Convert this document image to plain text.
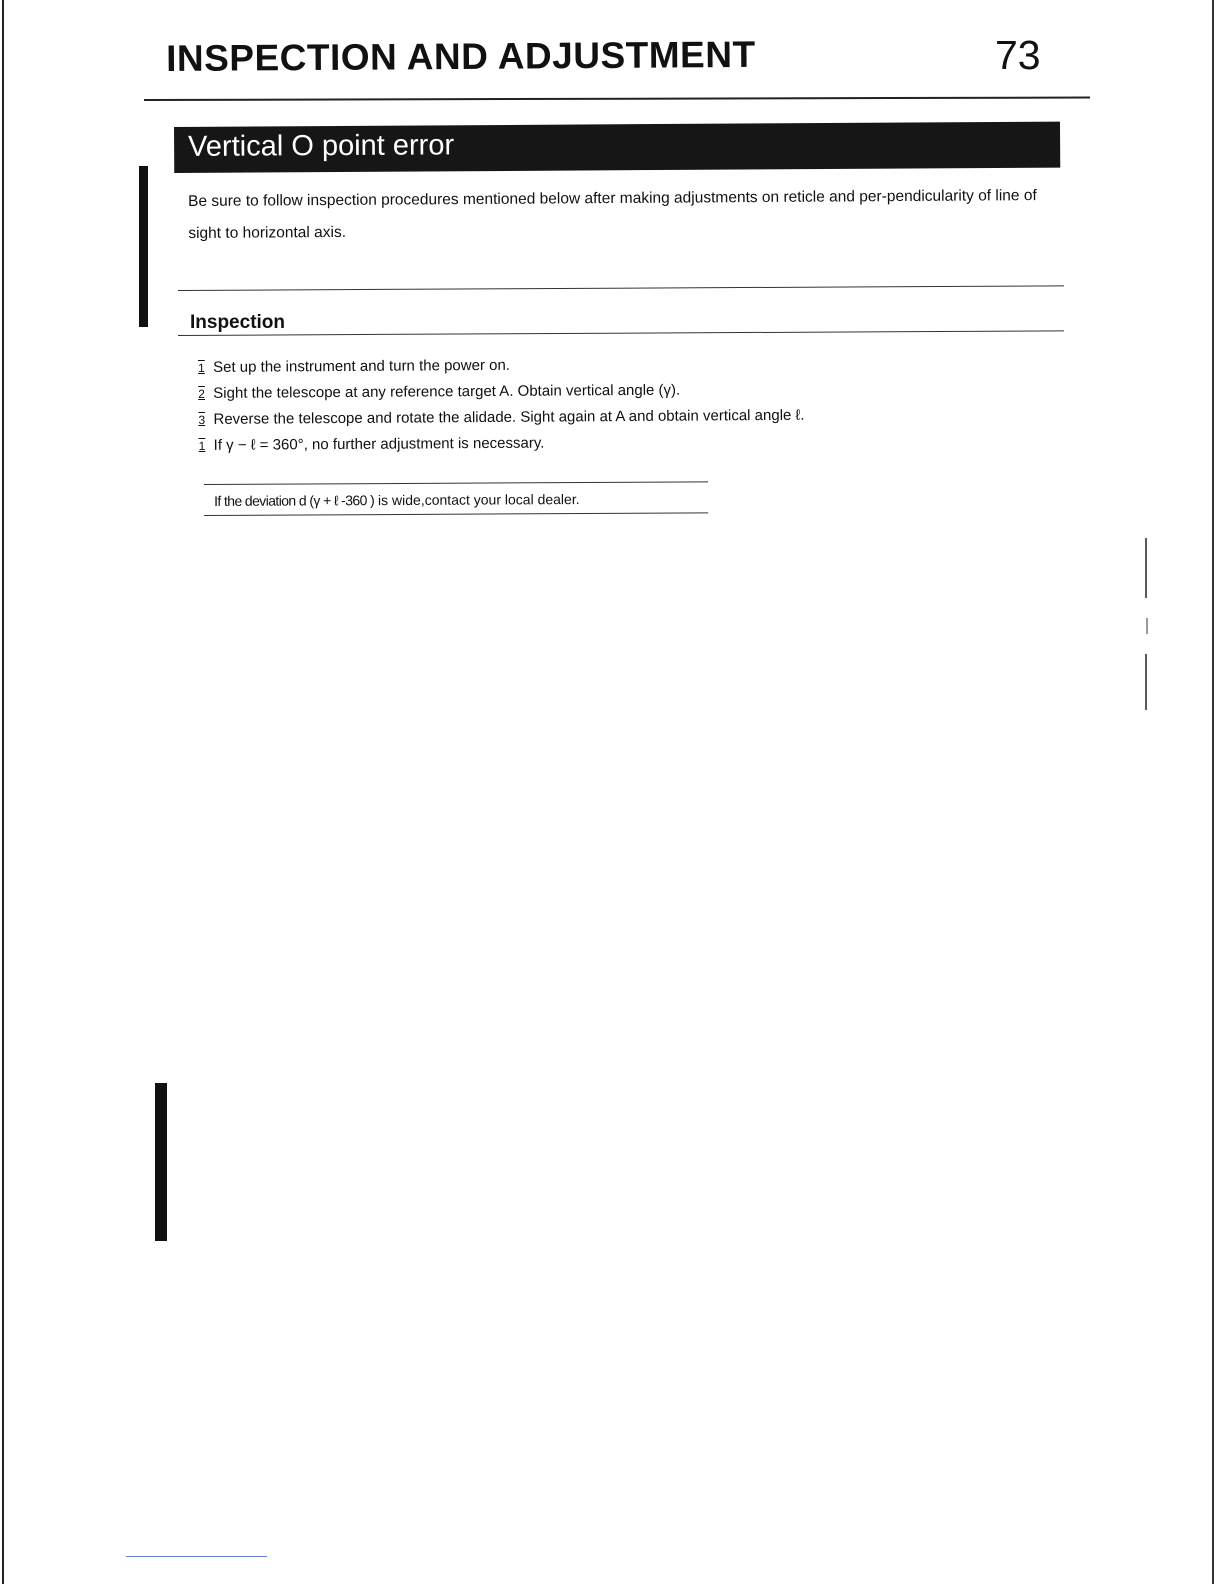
INSPECTION AND ADJUSTMENT	73
Vertical O point error
Be sure to follow inspection procedures mentioned below after making adjustments on reticle and per-pendicularity of line of sight to horizontal axis.
Inspection
1 Set up the instrument and turn the power on.
2 Sight the telescope at any reference target A. Obtain vertical angle (γ).
3 Reverse the telescope and rotate the alidade. Sight again at A and obtain vertical angle ℓ.
1 If γ − ℓ = 360°, no further adjustment is necessary.
If the deviation d (γ + ℓ -360 ) is wide,contact your local dealer.
